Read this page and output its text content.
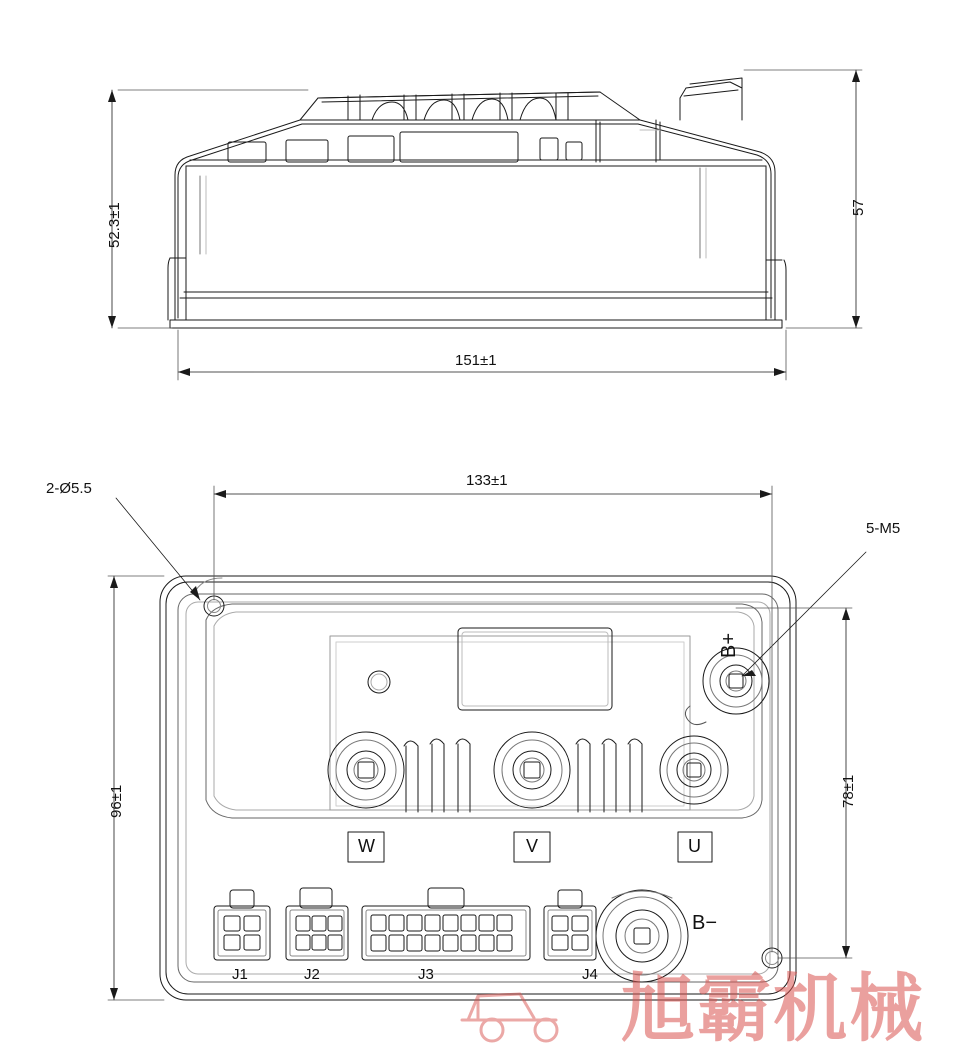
52.3±1	57
151±1
2-Ø5.5
5-M5
133±1
96±1	78±1
B+
B−
W	V	U
J1	J2	J3	J4 旭霸机械
